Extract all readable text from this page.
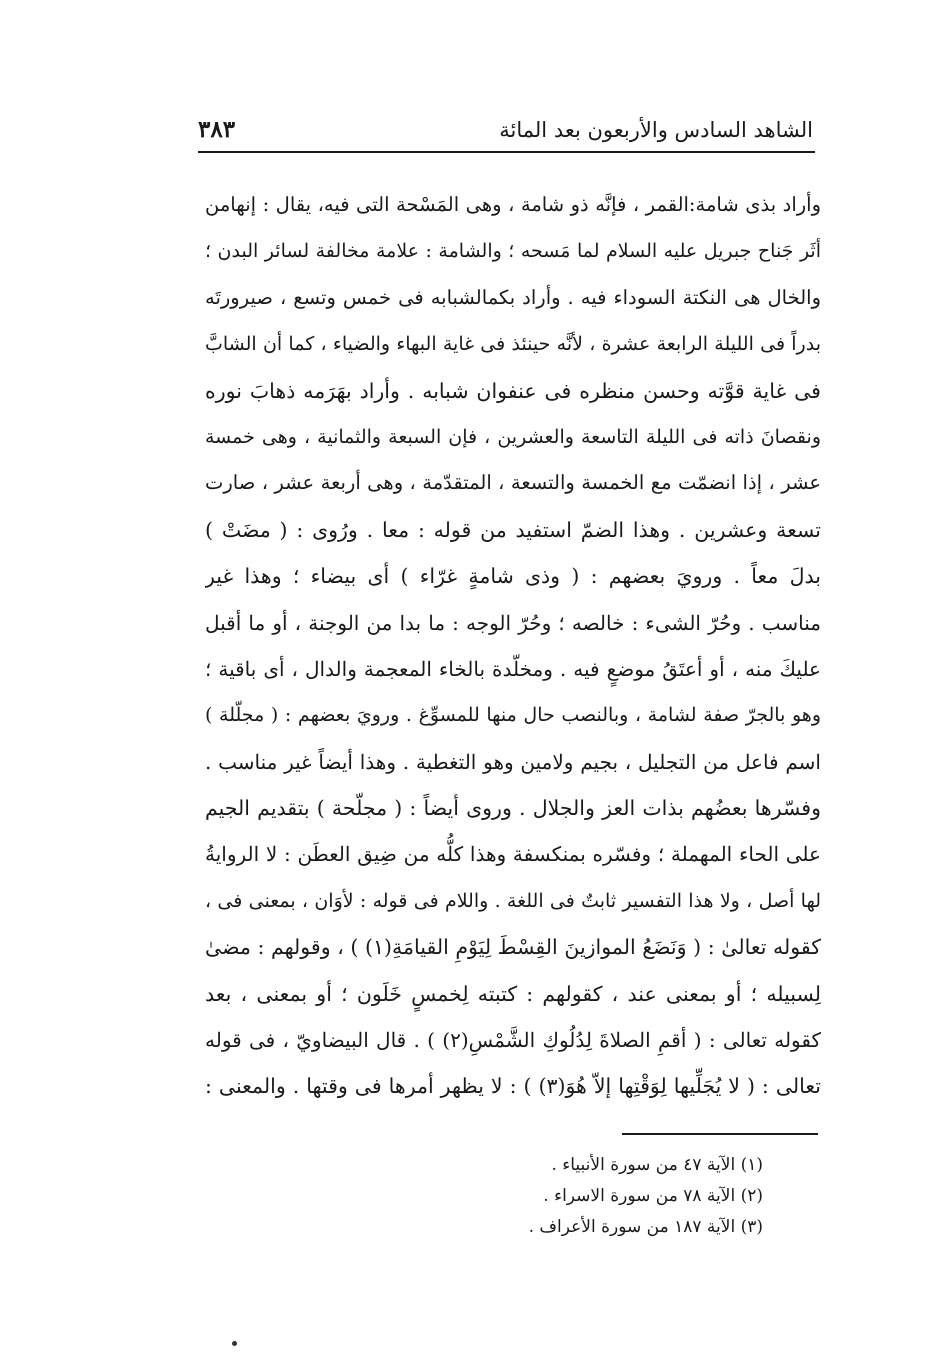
الشاهد السادس والأربعون بعد المائة
٣٨٣
وأراد بذى شامة:القمر ، فإنَّه ذو شامة ، وهى المَسْحة التى فيه، يقال : إنهامن
أثَر جَناح جبريل عليه السلام لما مَسحه ؛ والشامة : علامة مخالفة لسائر البدن ؛
والخال هى النكتة السوداء فيه . وأراد بكمالشبابه فى خمس وتسع ، صيرورتَه
بدراً فى الليلة الرابعة عشرة ، لأنَّه حينئذ فى غاية البهاء والضياء ، كما أن الشابَّ
فى غاية قوَّته وحسن منظره فى عنفوان شبابه . وأراد بهَرَمه ذهابَ نوره
ونقصانَ ذاته فى الليلة التاسعة والعشرين ، فإن السبعة والثمانية ، وهى خمسة
عشر ، إذا انضمّت مع الخمسة والتسعة ، المتقدّمة ، وهى أربعة عشر ، صارت
تسعة وعشرين . وهذا الضمّ استفيد من قوله : معا . ورُوى : ( مضَتْ )
بدلَ معاً . ورويَ بعضهم : ( وذى شامةٍ غرّاء ) أى بيضاء ؛ وهذا غير
مناسب . وحُرّ الشىء : خالصه ؛ وحُرّ الوجه : ما بدا من الوجنة ، أو ما أقبل
عليكَ منه ، أو أعتَقُ موضعٍ فيه . ومخلّدة بالخاء المعجمة والدال ، أى باقية ؛
وهو بالجرّ صفة لشامة ، وبالنصب حال منها للمسوِّغ . ورويَ بعضهم : ( مجلّلة )
اسم فاعل من التجليل ، بجيم ولامين وهو التغطية . وهذا أيضاً غير مناسب .
وفسّرها بعضُهم بذات العز والجلال . وروى أيضاً : ( مجلّحة ) بتقديم الجيم
على الحاء المهملة ؛ وفسّره بمنكسفة وهذا كلُّه من ضِيق العطَن : لا الروايةُ
لها أصل ، ولا هذا التفسير ثابتٌ فى اللغة . واللام فى قوله : لأوَان ، بمعنى فى ،
كقوله تعالىٰ : ( وَنَضَعُ الموازينَ القِسْطَ لِيَوْمِ القيامَةِ(١) ) ، وقولهم : مضىٰ
لِسبيله ؛ أو بمعنى عند ، كقولهم : كتبته لِخمسٍ خَلَون ؛ أو بمعنى ، بعد
كقوله تعالى : ( أقمِ الصلاةَ لِدُلُوكِ الشَّمْسِ(٢) ) . قال البيضاويّ ، فى قوله
تعالى : ( لا يُجَلِّيها لِوَقْتِها إلاّ هُوَ(٣) ) : لا يظهر أمرها فى وقتها . والمعنى :
(١) الآية ٤٧ من سورة الأنبياء .
(٢) الآية ٧٨ من سورة الاسراء .
(٣) الآية ١٨٧ من سورة الأعراف .
